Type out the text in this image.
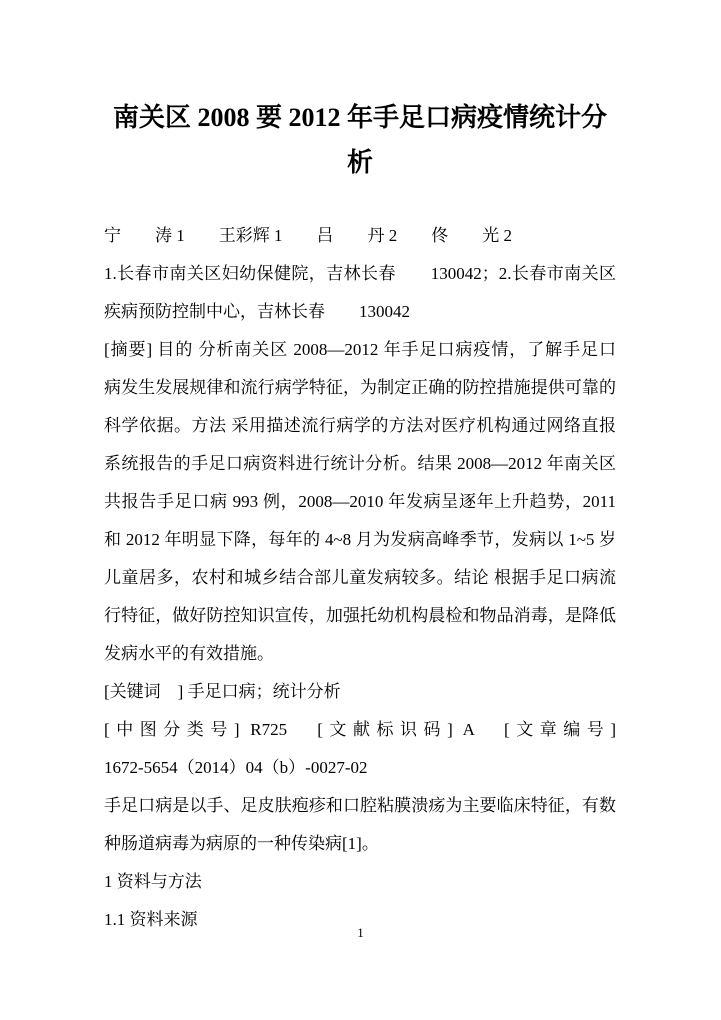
南关区 2008 要 2012 年手足口病疫情统计分
析
宁　　涛 1　　王彩辉 1　　吕　　丹 2　　佟　　光 2
1.长春市南关区妇幼保健院，吉林长春　　130042；2.长春市南关区
疾病预防控制中心，吉林长春　　130042
[摘要] 目的 分析南关区 2008—2012 年手足口病疫情，了解手足口
病发生发展规律和流行病学特征，为制定正确的防控措施提供可靠的
科学依据。方法 采用描述流行病学的方法对医疗机构通过网络直报
系统报告的手足口病资料进行统计分析。结果 2008—2012 年南关区
共报告手足口病 993 例，2008—2010 年发病呈逐年上升趋势，2011
和 2012 年明显下降，每年的 4~8 月为发病高峰季节，发病以 1~5 岁
儿童居多，农村和城乡结合部儿童发病较多。结论 根据手足口病流
行特征，做好防控知识宣传，加强托幼机构晨检和物品消毒，是降低
发病水平的有效措施。
[关键词　] 手足口病；统计分析
[中图分类号] R725　[文献标识码] A　[文章编号]
1672-5654（2014）04（b）-0027-02
手足口病是以手、足皮肤疱疹和口腔粘膜溃疡为主要临床特征，有数
种肠道病毒为病原的一种传染病[1]。
1 资料与方法
1.1 资料来源
1
